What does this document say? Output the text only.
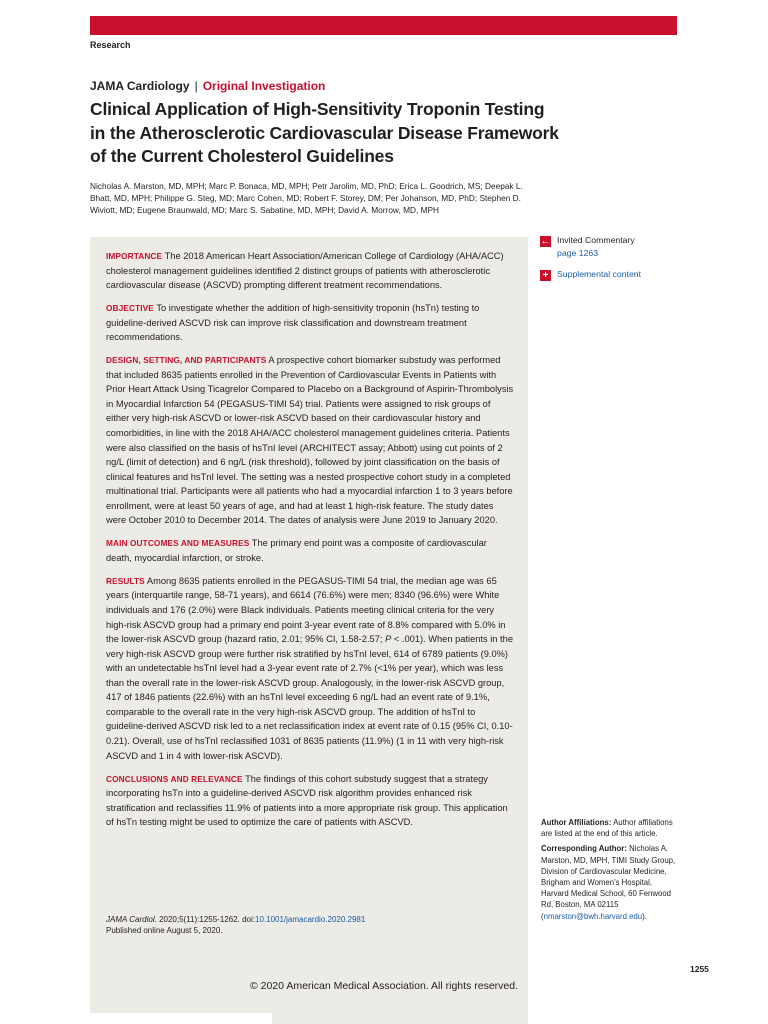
Research
JAMA Cardiology | Original Investigation
Clinical Application of High-Sensitivity Troponin Testing in the Atherosclerotic Cardiovascular Disease Framework of the Current Cholesterol Guidelines
Nicholas A. Marston, MD, MPH; Marc P. Bonaca, MD, MPH; Petr Jarolim, MD, PhD; Erica L. Goodrich, MS; Deepak L. Bhatt, MD, MPH; Philippe G. Steg, MD; Marc Cohen, MD; Robert F. Storey, DM; Per Johanson, MD, PhD; Stephen D. Wiviott, MD; Eugene Braunwald, MD; Marc S. Sabatine, MD, MPH; David A. Morrow, MD, MPH

IMPORTANCE The 2018 American Heart Association/American College of Cardiology (AHA/ACC) cholesterol management guidelines identified 2 distinct groups of patients with atherosclerotic cardiovascular disease (ASCVD) prompting different treatment recommendations.

OBJECTIVE To investigate whether the addition of high-sensitivity troponin (hsTn) testing to guideline-derived ASCVD risk can improve risk classification and downstream treatment recommendations.

DESIGN, SETTING, AND PARTICIPANTS A prospective cohort biomarker substudy was performed that included 8635 patients enrolled in the Prevention of Cardiovascular Events in Patients with Prior Heart Attack Using Ticagrelor Compared to Placebo on a Background of Aspirin-Thrombolysis in Myocardial Infarction 54 (PEGASUS-TIMI 54) trial. Patients were assigned to risk groups of either very high-risk ASCVD or lower-risk ASCVD based on their cardiovascular history and comorbidities, in line with the 2018 AHA/ACC cholesterol management guidelines criteria. Patients were also classified on the basis of hsTnI level (ARCHITECT assay; Abbott) using cut points of 2 ng/L (limit of detection) and 6 ng/L (risk threshold), followed by joint classification on the basis of clinical features and hsTnI level. The setting was a nested prospective cohort study in a completed multinational trial. Participants were all patients who had a myocardial infarction 1 to 3 years before enrollment, were at least 50 years of age, and had at least 1 high-risk feature. The study dates were October 2010 to December 2014. The dates of analysis were June 2019 to January 2020.

MAIN OUTCOMES AND MEASURES The primary end point was a composite of cardiovascular death, myocardial infarction, or stroke.

RESULTS Among 8635 patients enrolled in the PEGASUS-TIMI 54 trial, the median age was 65 years (interquartile range, 58-71 years), and 6614 (76.6%) were men; 8340 (96.6%) were White individuals and 176 (2.0%) were Black individuals. Patients meeting clinical criteria for the very high-risk ASCVD group had a primary end point 3-year event rate of 8.8% compared with 5.0% in the lower-risk ASCVD group (hazard ratio, 2.01; 95% CI, 1.58-2.57; P < .001). When patients in the very high-risk ASCVD group were further risk stratified by hsTnI level, 614 of 6789 patients (9.0%) with an undetectable hsTnI level had a 3-year event rate of 2.7% (<1% per year), which was less than the overall rate in the lower-risk ASCVD group. Analogously, in the lower-risk ASCVD group, 417 of 1846 patients (22.6%) with an hsTnI level exceeding 6 ng/L had an event rate of 9.1%, comparable to the overall rate in the very high-risk ASCVD group. The addition of hsTnI to guideline-derived ASCVD risk led to a net reclassification index at event rate of 0.15 (95% CI, 0.10-0.21). Overall, use of hsTnI reclassified 1031 of 8635 patients (11.9%) (1 in 11 with very high-risk ASCVD and 1 in 4 with lower-risk ASCVD).

CONCLUSIONS AND RELEVANCE The findings of this cohort substudy suggest that a strategy incorporating hsTn into a guideline-derived ASCVD risk algorithm provides enhanced risk stratification and reclassifies 11.9% of patients into a more appropriate risk group. This application of hsTn testing might be used to optimize the care of patients with ASCVD.

JAMA Cardiol. 2020;5(11):1255-1262. doi:10.1001/jamacardio.2020.2981
Published online August 5, 2020.
← Invited Commentary
page 1263
+ Supplemental content

Author Affiliations: Author affiliations are listed at the end of this article.

Corresponding Author: Nicholas A. Marston, MD, MPH, TIMI Study Group, Division of Cardiovascular Medicine, Brigham and Women's Hospital, Harvard Medical School, 60 Fenwood Rd, Boston, MA 02115 (nmarston@bwh.harvard.edu).

1255
© 2020 American Medical Association. All rights reserved.
